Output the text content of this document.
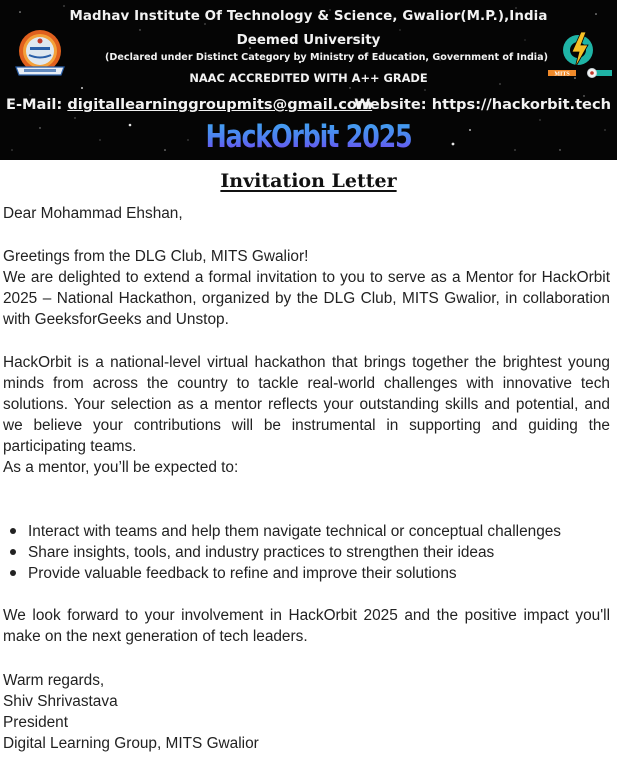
MITS
Madhav Institute Of Technology & Science, Gwalior(M.P.),India
Deemed University
(Declared under Distinct Category by Ministry of Education, Government of India)
NAAC ACCREDITED WITH A++ GRADE
E-Mail: digitallearninggroupmits@gmail.com
Website: https://hackorbit.tech
HackOrbit 2025
Invitation Letter
Dear Mohammad Ehshan,
Greetings from the DLG Club, MITS Gwalior!
We are delighted to extend a formal invitation to you to serve as a Mentor for HackOrbit 2025 – National Hackathon, organized by the DLG Club, MITS Gwalior, in collaboration with GeeksforGeeks and Unstop.
HackOrbit is a national-level virtual hackathon that brings together the brightest young minds from across the country to tackle real-world challenges with innovative tech solutions. Your selection as a mentor reflects your outstanding skills and potential, and we believe your contributions will be instrumental in supporting and guiding the participating teams.
As a mentor, you’ll be expected to:
Interact with teams and help them navigate technical or conceptual challenges
Share insights, tools, and industry practices to strengthen their ideas
Provide valuable feedback to refine and improve their solutions
We look forward to your involvement in HackOrbit 2025 and the positive impact you'll make on the next generation of tech leaders.
Warm regards,
Shiv Shrivastava
President
Digital Learning Group, MITS Gwalior
